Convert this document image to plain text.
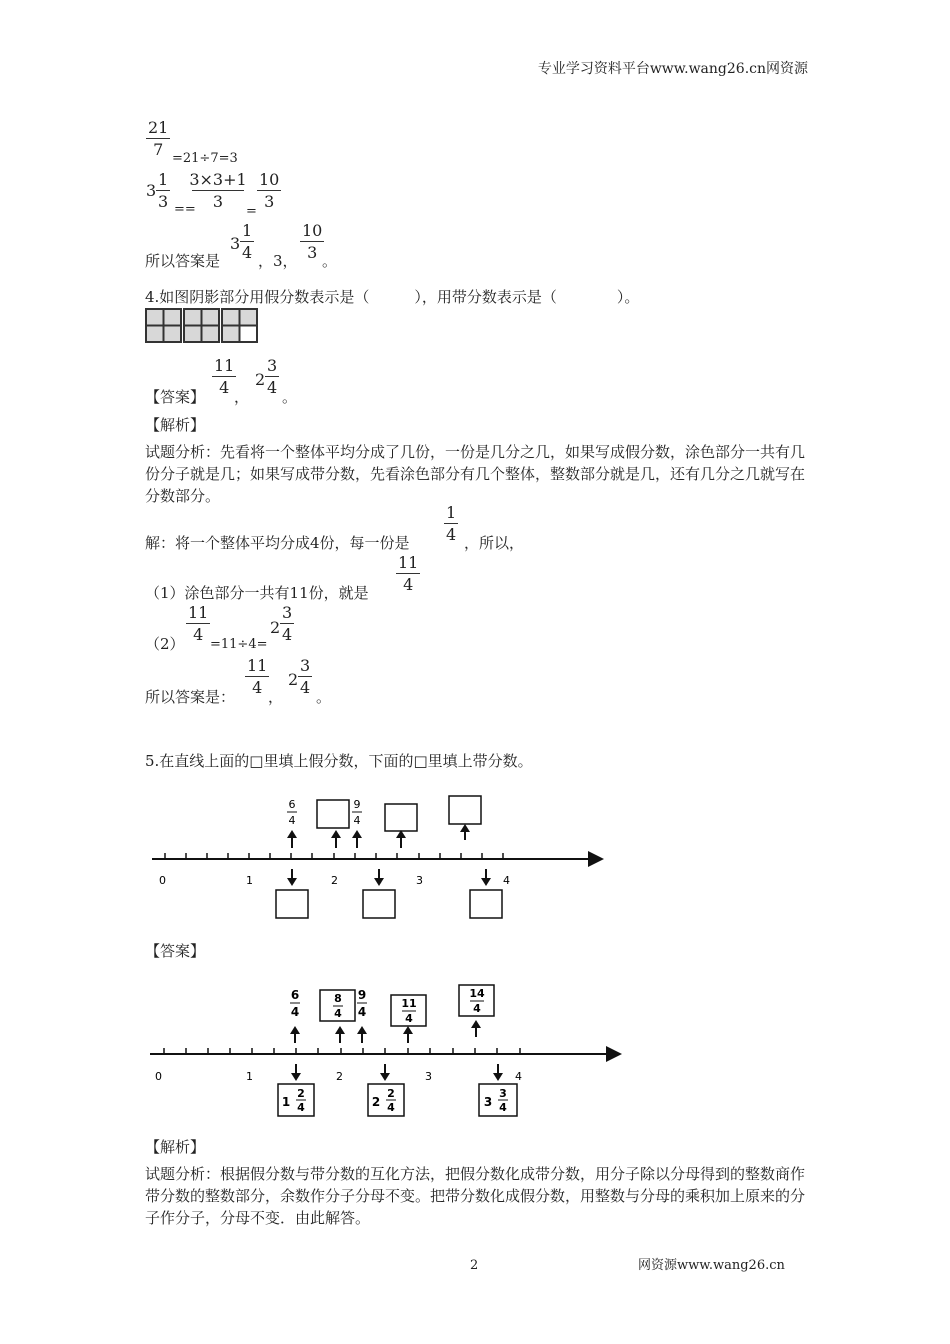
专业学习资料平台www.wang26.cn网资源
21
7 =21÷7=3
3
1
3 ==
3×3+1
3
=
10
3
所以答案是
3
1
4 ，3，
10
3 。
4.如图阴影部分用假分数表示是（　　　），用带分数表示是（　　　　）。
【答案】
11
4 ，
2
3
4 。
【解析】
试题分析：先看将一个整体平均分成了几份，一份是几分之几，如果写成假分数，涂色部分一共有几份分子就是几；如果写成带分数，先看涂色部分有几个整体，整数部分就是几，还有几分之几就写在分数部分。
解：将一个整体平均分成4份，每一份是
1
4 ，所以，
（1）涂色部分一共有11份，就是
11
4
（2）
11
4
=11÷4=
2
3
4
所以答案是：
11
4 ，
2
3
4 。
5.在直线上面的□里填上假分数，下面的□里填上带分数。
0	1	2	3	4
6
4
9
4
【答案】
0	1	2	3	4
6
4
9
4
8
4
11
4
14
4
1
2
4	2
2
4	3
3
4
【解析】
试题分析：根据假分数与带分数的互化方法，把假分数化成带分数，用分子除以分母得到的整数商作带分数的整数部分，余数作分子分母不变。把带分数化成假分数，用整数与分母的乘积加上原来的分子作分子，分母不变．由此解答。
2	网资源www.wang26.cn
